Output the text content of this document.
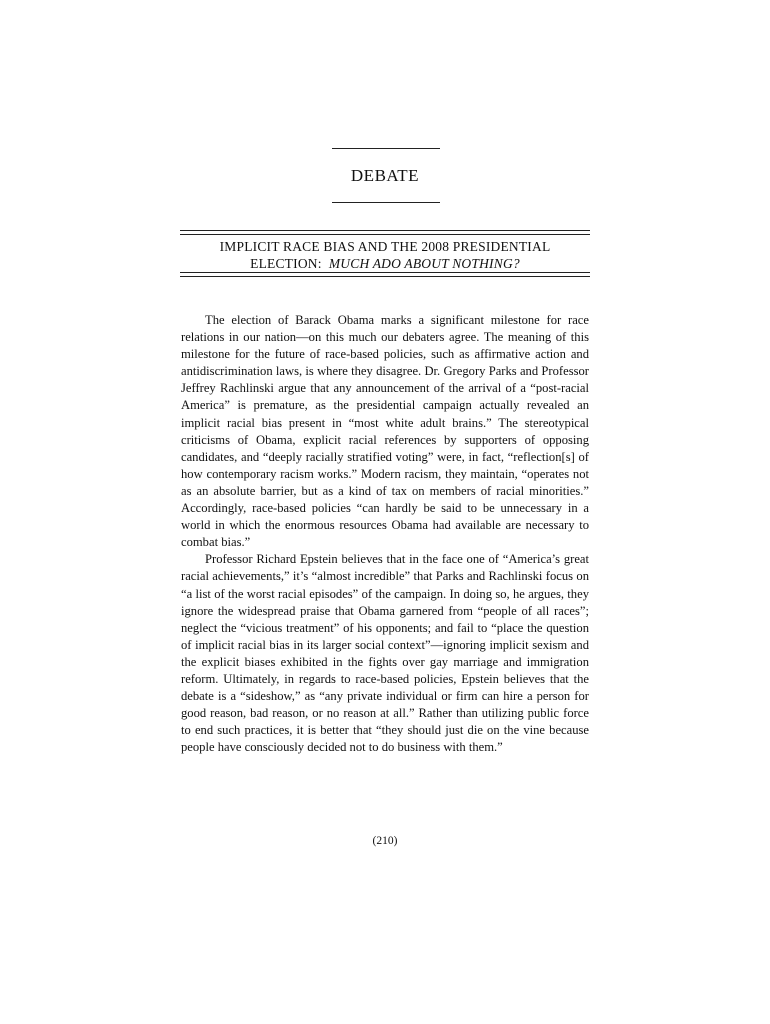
DEBATE
IMPLICIT RACE BIAS AND THE 2008 PRESIDENTIAL
ELECTION: MUCH ADO ABOUT NOTHING?

The election of Barack Obama marks a significant milestone for race relations in our nation—on this much our debaters agree. The meaning of this milestone for the future of race-based policies, such as affirmative action and antidiscrimination laws, is where they disagree. Dr. Gregory Parks and Professor Jeffrey Rachlinski argue that any announcement of the arrival of a “post-racial America” is premature, as the presidential campaign actually revealed an implicit racial bias present in “most white adult brains.” The stereotypical criticisms of Obama, explicit racial references by supporters of opposing candidates, and “deeply racially stratified voting” were, in fact, “reflection[s] of how contemporary racism works.” Modern racism, they maintain, “operates not as an absolute barrier, but as a kind of tax on members of racial minorities.” Accordingly, race-based policies “can hardly be said to be unnecessary in a world in which the enormous resources Obama had available are necessary to combat bias.”

Professor Richard Epstein believes that in the face one of “America’s great racial achievements,” it’s “almost incredible” that Parks and Rachlinski focus on “a list of the worst racial episodes” of the campaign. In doing so, he argues, they ignore the widespread praise that Obama garnered from “people of all races”; neglect the “vicious treatment” of his opponents; and fail to “place the question of implicit racial bias in its larger social context”—ignoring implicit sexism and the explicit biases exhibited in the fights over gay marriage and immigration reform. Ultimately, in regards to race-based policies, Epstein believes that the debate is a “sideshow,” as “any private individual or firm can hire a person for good reason, bad reason, or no reason at all.” Rather than utilizing public force to end such practices, it is better that “they should just die on the vine because people have consciously decided not to do business with them.”

(210)
